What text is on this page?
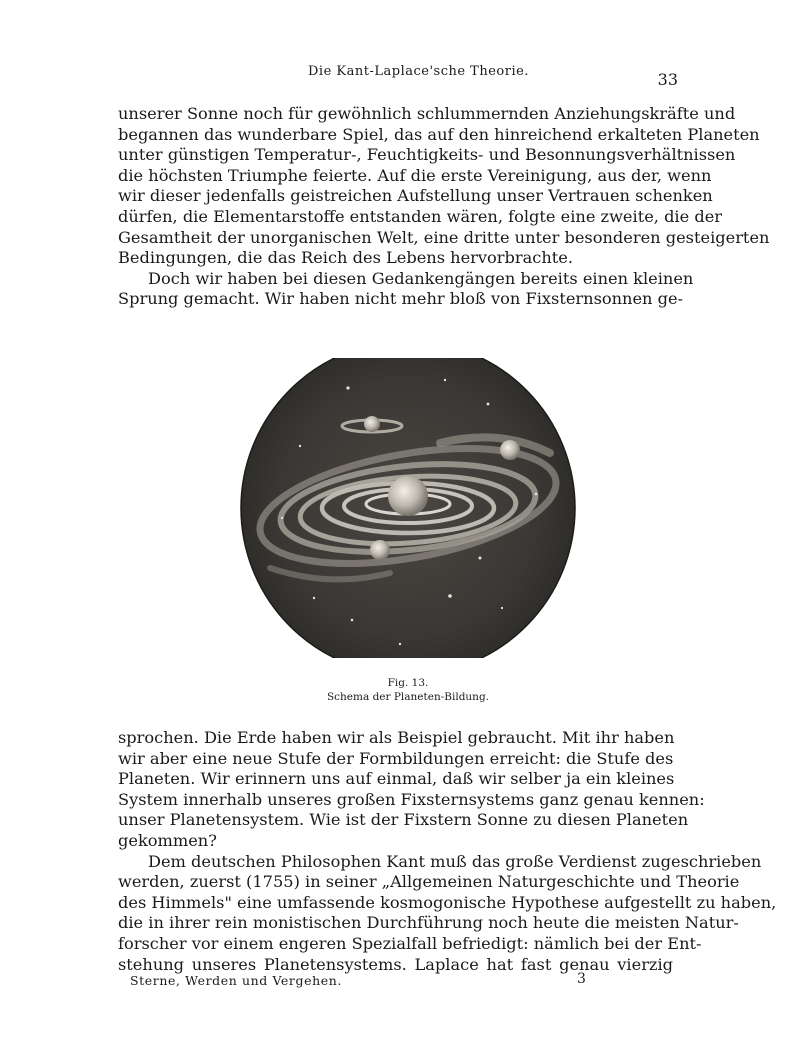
Die Kant-Laplace'sche Theorie.	33
unserer Sonne noch für gewöhnlich schlummernden Anziehungskräfte und
begannen das wunderbare Spiel, das auf den hinreichend erkalteten Planeten
unter günstigen Temperatur-, Feuchtigkeits- und Besonnungsverhältnissen
die höchsten Triumphe feierte. Auf die erste Vereinigung, aus der, wenn
wir dieser jedenfalls geistreichen Aufstellung unser Vertrauen schenken
dürfen, die Elementarstoffe entstanden wären, folgte eine zweite, die der
Gesamtheit der unorganischen Welt, eine dritte unter besonderen gesteigerten
Bedingungen, die das Reich des Lebens hervorbrachte.
Doch wir haben bei diesen Gedankengängen bereits einen kleinen
Sprung gemacht. Wir haben nicht mehr bloß von Fixsternsonnen ge-
Fig. 13.
Schema der Planeten-Bildung.
sprochen. Die Erde haben wir als Beispiel gebraucht. Mit ihr haben
wir aber eine neue Stufe der Formbildungen erreicht: die Stufe des
Planeten. Wir erinnern uns auf einmal, daß wir selber ja ein kleines
System innerhalb unseres großen Fixsternsystems ganz genau kennen:
unser Planetensystem. Wie ist der Fixstern Sonne zu diesen Planeten
gekommen?
Dem deutschen Philosophen Kant muß das große Verdienst zugeschrieben
werden, zuerst (1755) in seiner „Allgemeinen Naturgeschichte und Theorie
des Himmels" eine umfassende kosmogonische Hypothese aufgestellt zu haben,
die in ihrer rein monistischen Durchführung noch heute die meisten Natur-
forscher vor einem engeren Spezialfall befriedigt: nämlich bei der Ent-
stehung unseres Planetensystems. Laplace hat fast genau vierzig
Sterne, Werden und Vergehen.	3
